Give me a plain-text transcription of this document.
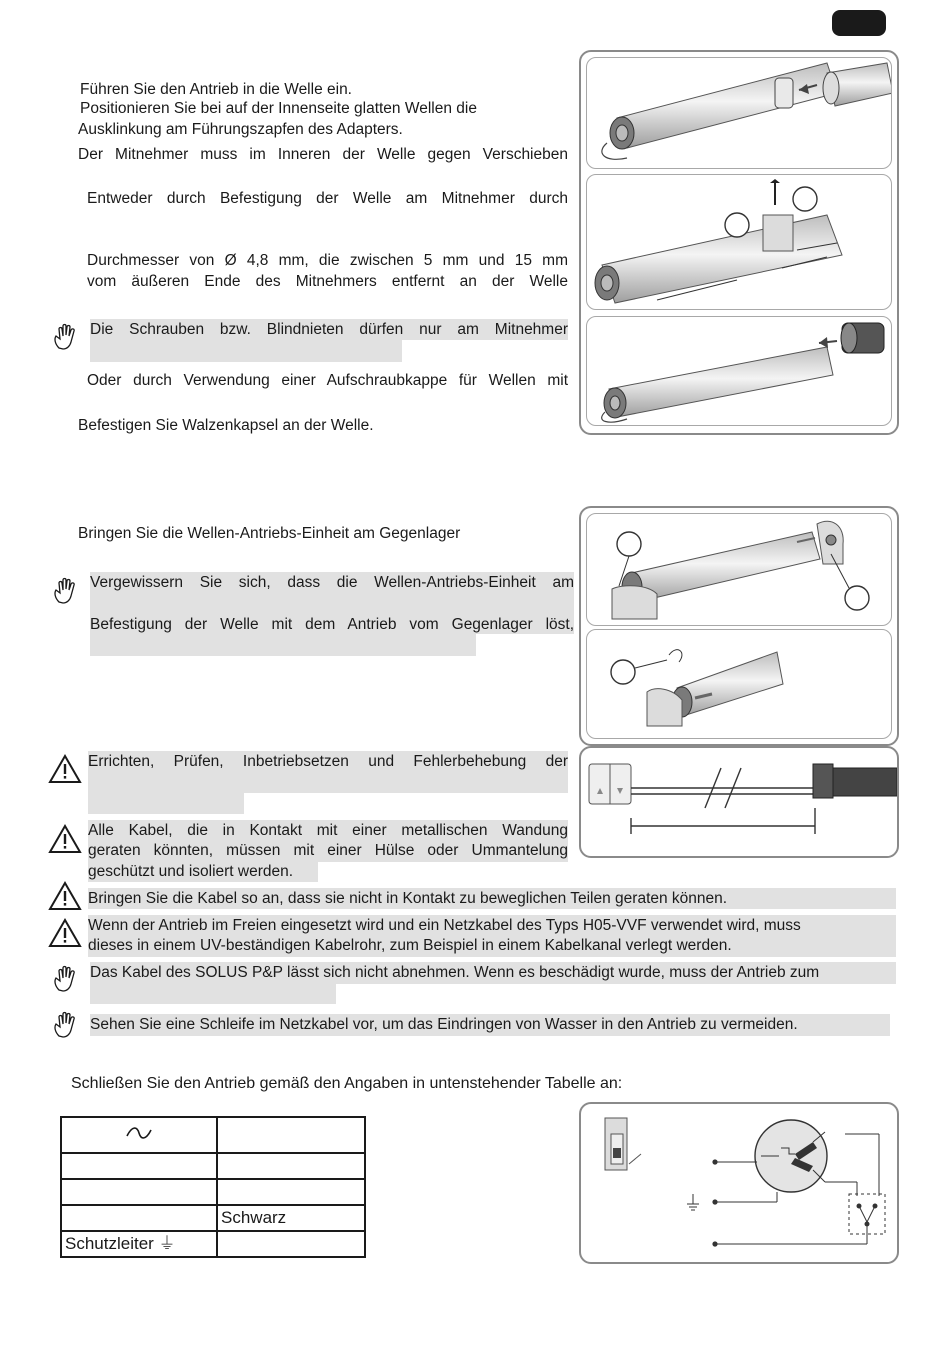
Führen Sie den Antrieb in die Welle ein.
Positionieren Sie bei auf der Innenseite glatten Wellen die
Ausklinkung am Führungszapfen des Adapters.
Der Mitnehmer muss im Inneren der Welle gegen Verschieben
Entweder durch Befestigung der Welle am Mitnehmer durch
Durchmesser von Ø 4,8 mm, die zwischen 5 mm und 15 mm
vom äußeren Ende des Mitnehmers entfernt an der Welle
Die Schrauben bzw. Blindnieten dürfen nur am Mitnehmer
Oder durch Verwendung einer Aufschraubkappe für Wellen mit
Befestigen Sie Walzenkapsel an der Welle.
Bringen Sie die Wellen-Antriebs-Einheit am Gegenlager
Vergewissern Sie sich, dass die Wellen-Antriebs-Einheit am
Befestigung der Welle mit dem Antrieb vom Gegenlager löst,
Errichten, Prüfen, Inbetriebsetzen und Fehlerbehebung der
Alle Kabel, die in Kontakt mit einer metallischen Wandung
geraten könnten, müssen mit einer Hülse oder Ummantelung
geschützt und isoliert werden.
Bringen Sie die Kabel so an, dass sie nicht in Kontakt zu beweglichen Teilen geraten können.
Wenn der Antrieb im Freien eingesetzt wird und ein Netzkabel des Typs H05-VVF verwendet wird, muss
dieses in einem UV-beständigen Kabelrohr, zum Beispiel in einem Kabelkanal verlegt werden.
Das Kabel des SOLUS P&P lässt sich nicht abnehmen. Wenn es beschädigt wurde, muss der Antrieb zum
Sehen Sie eine Schleife im Netzkabel vor, um das Eindringen von Wasser in den Antrieb zu vermeiden.
Schließen Sie den Antrieb gemäß den Angaben in untenstehender Tabelle an:

	Schwarz
Schutzleiter ⏚	
